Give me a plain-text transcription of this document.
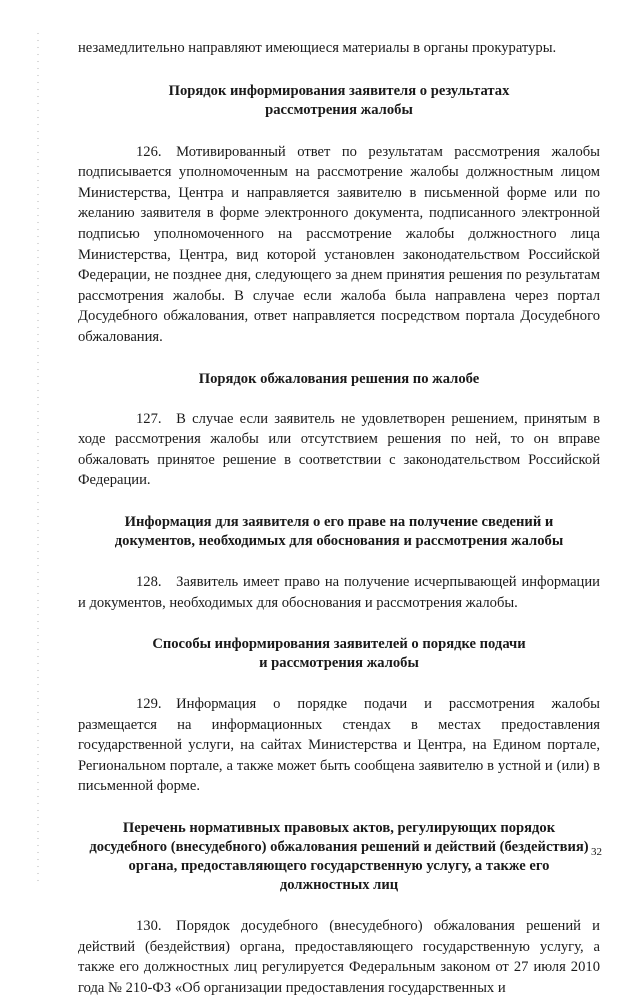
незамедлительно направляют имеющиеся материалы в органы прокуратуры.

Порядок информирования заявителя о результатах рассмотрения жалобы

126. Мотивированный ответ по результатам рассмотрения жалобы подписывается уполномоченным на рассмотрение жалобы должностным лицом Министерства, Центра и направляется заявителю в письменной форме или по желанию заявителя в форме электронного документа, подписанного электронной подписью уполномоченного на рассмотрение жалобы должностного лица Министерства, Центра, вид которой установлен законодательством Российской Федерации, не позднее дня, следующего за днем принятия решения по результатам рассмотрения жалобы. В случае если жалоба была направлена через портал Досудебного обжалования, ответ направляется посредством портала Досудебного обжалования.

Порядок обжалования решения по жалобе

127. В случае если заявитель не удовлетворен решением, принятым в ходе рассмотрения жалобы или отсутствием решения по ней, то он вправе обжаловать принятое решение в соответствии с законодательством Российской Федерации.

Информация для заявителя о его праве на получение сведений и документов, необходимых для обоснования и рассмотрения жалобы

128. Заявитель имеет право на получение исчерпывающей информации и документов, необходимых для обоснования и рассмотрения жалобы.

Способы информирования заявителей о порядке подачи и рассмотрения жалобы

129. Информация о порядке подачи и рассмотрения жалобы размещается на информационных стендах в местах предоставления государственной услуги, на сайтах Министерства и Центра, на Едином портале, Региональном портале, а также может быть сообщена заявителю в устной и (или) в письменной форме.

Перечень нормативных правовых актов, регулирующих порядок досудебного (внесудебного) обжалования решений и действий (бездействия) органа, предоставляющего государственную услугу, а также его должностных лиц

130. Порядок досудебного (внесудебного) обжалования решений и действий (бездействия) органа, предоставляющего государственную услугу, а также его должностных лиц регулируется Федеральным законом от 27 июля 2010 года № 210-ФЗ «Об организации предоставления государственных и

32
